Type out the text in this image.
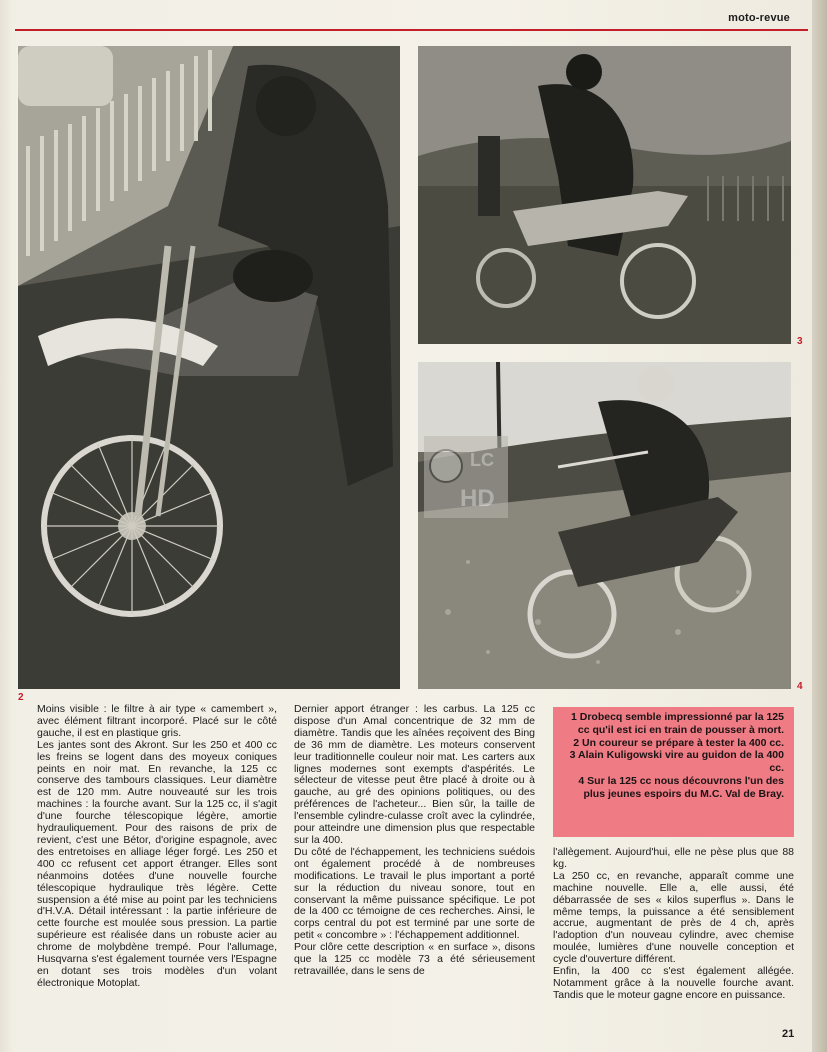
moto-revue
2
3
4
LC
HD

Moins visible : le filtre à air type « camembert », avec élément filtrant incorporé. Placé sur le côté gauche, il est en plastique gris.

Les jantes sont des Akront. Sur les 250 et 400 cc les freins se logent dans des moyeux coniques peints en noir mat. En revanche, la 125 cc conserve des tambours classiques. Leur diamètre est de 120 mm. Autre nouveauté sur les trois machines : la fourche avant. Sur la 125 cc, il s'agit d'une fourche télescopique légère, amortie hydrauliquement. Pour des raisons de prix de revient, c'est une Bétor, d'origine espagnole, avec des entretoises en alliage léger forgé. Les 250 et 400 cc refusent cet apport étranger. Elles sont néanmoins dotées d'une nouvelle fourche télescopique hydraulique très légère. Cette suspension a été mise au point par les techniciens d'H.V.A. Détail intéressant : la partie inférieure de cette fourche est moulée sous pression. La partie supérieure est réalisée dans un robuste acier au chrome de molybdène trempé. Pour l'allumage, Husqvarna s'est également tournée vers l'Espagne en dotant ses trois modèles d'un volant électronique Motoplat.

Dernier apport étranger : les carbus. La 125 cc dispose d'un Amal concentrique de 32 mm de diamètre. Tandis que les aînées reçoivent des Bing de 36 mm de diamètre. Les moteurs conservent leur traditionnelle couleur noir mat. Les carters aux lignes modernes sont exempts d'aspérités. Le sélecteur de vitesse peut être placé à droite ou à gauche, au gré des opinions politiques, ou des préférences de l'acheteur... Bien sûr, la taille de l'ensemble cylindre-culasse croît avec la cylindrée, pour atteindre une dimension plus que respectable sur la 400.

Du côté de l'échappement, les techniciens suédois ont également procédé à de nombreuses modifications. Le travail le plus important a porté sur la réduction du niveau sonore, tout en conservant la même puissance spécifique. Le pot de la 400 cc témoigne de ces recherches. Ainsi, le corps central du pot est terminé par une sorte de petit « concombre » : l'échappement additionnel.

Pour clôre cette description « en surface », disons que la 125 cc modèle 73 a été sérieusement retravaillée, dans le sens de

1 Drobecq semble impressionné par la 125 cc qu'il est ici en train de pousser à mort.
2 Un coureur se prépare à tester la 400 cc.
3 Alain Kuligowski vire au guidon de la 400 cc.
4 Sur la 125 cc nous découvrons l'un des plus jeunes espoirs du M.C. Val de Bray.

l'allègement. Aujourd'hui, elle ne pèse plus que 88 kg.

La 250 cc, en revanche, apparaît comme une machine nouvelle. Elle a, elle aussi, été débarrassée de ses « kilos superflus ». Dans le même temps, la puissance a été sensiblement accrue, augmentant de près de 4 ch, après l'adoption d'un nouveau cylindre, avec chemise moulée, lumières d'une nouvelle conception et cycle d'ouverture différent.

Enfin, la 400 cc s'est également allégée. Notamment grâce à la nouvelle fourche avant. Tandis que le moteur gagne encore en puissance.

21
